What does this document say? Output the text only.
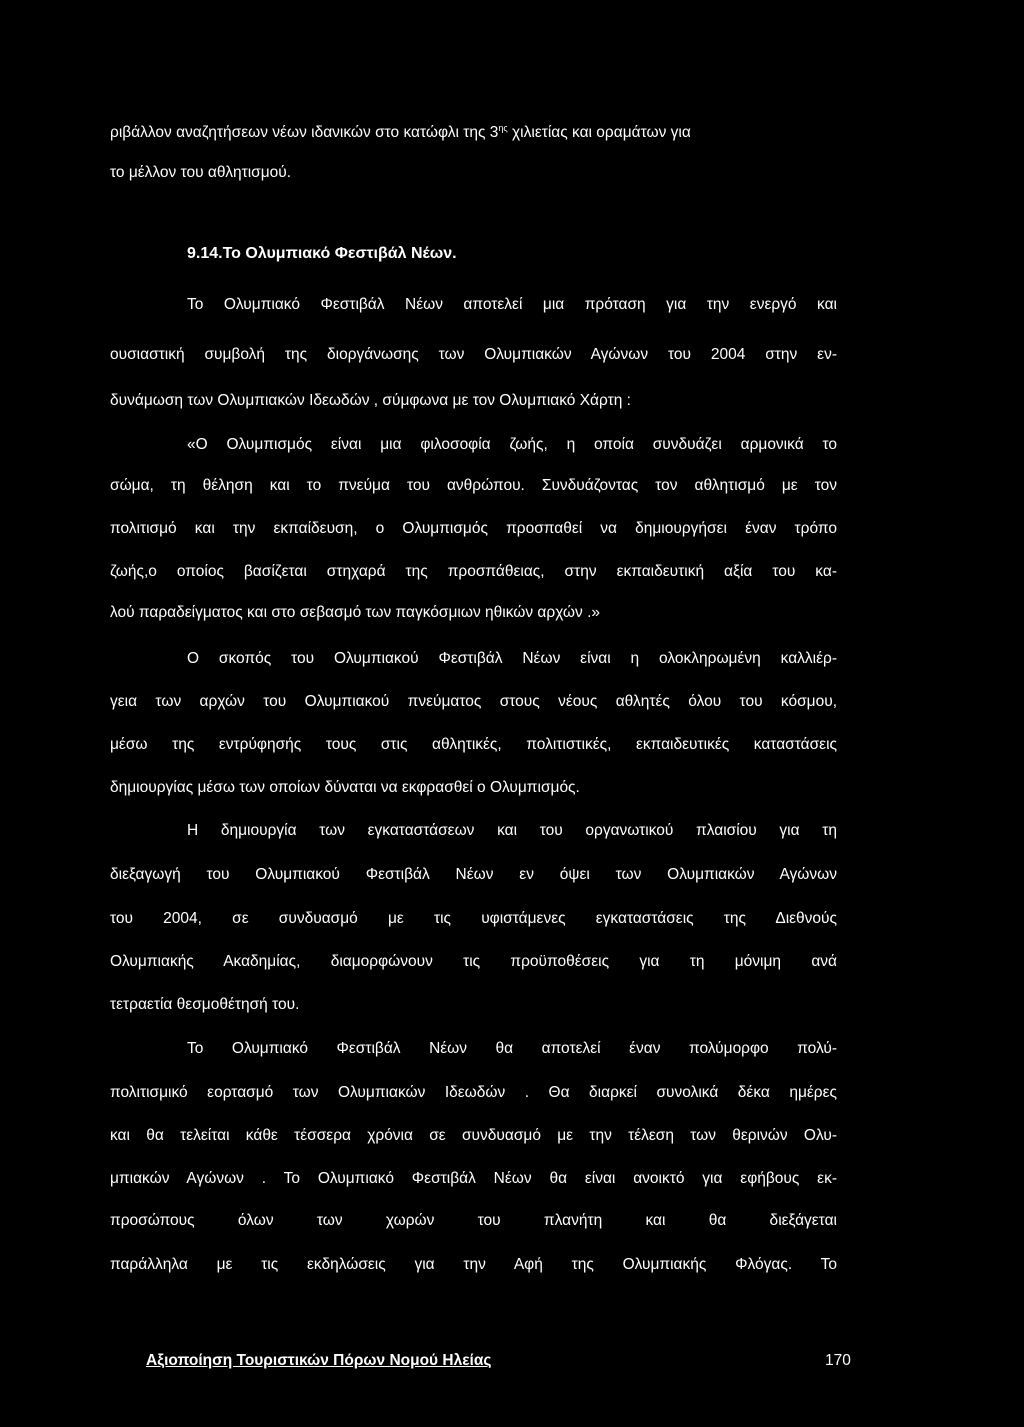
ριβάλλον αναζητήσεων νέων ιδανικών στο κατώφλι της $3^{\eta\varsigma}$ χιλιετίας και οραμάτων για
το μέλλον του αθλητισμού.
9.14.Το Ολυμπιακό Φεστιβάλ Νέων.
Το Ολυμπιακό Φεστιβάλ Νέων αποτελεί μια πρόταση για την ενεργό και
ουσιαστική συμβολή της διοργάνωσης των Ολυμπιακών Αγώνων του 2004 στην εν-
δυνάμωση των Ολυμπιακών Ιδεωδών , σύμφωνα με τον Ολυμπιακό Χάρτη :
«Ο Ολυμπισμός είναι μια φιλοσοφία ζωής, η οποία συνδυάζει αρμονικά το
σώμα, τη θέληση και το πνεύμα του ανθρώπου. Συνδυάζοντας τον αθλητισμό με τον
πολιτισμό και την εκπαίδευση, ο Ολυμπισμός προσπαθεί να δημιουργήσει έναν τρόπο
ζωής,ο οποίος βασίζεται στηχαρά της προσπάθειας, στην εκπαιδευτική αξία του κα-
λού παραδείγματος και στο σεβασμό των παγκόσμιων ηθικών αρχών .»
Ο σκοπός του Ολυμπιακού Φεστιβάλ Νέων είναι η ολοκληρωμένη καλλιέρ-
γεια των αρχών του Ολυμπιακού πνεύματος στους νέους αθλητές όλου του κόσμου,
μέσω της εντρύφησής τους στις αθλητικές, πολιτιστικές, εκπαιδευτικές καταστάσεις
δημιουργίας μέσω των οποίων δύναται να εκφρασθεί ο Ολυμπισμός.
Η δημιουργία των εγκαταστάσεων και του οργανωτικού πλαισίου για τη
διεξαγωγή του Ολυμπιακού Φεστιβάλ Νέων εν όψει των Ολυμπιακών Αγώνων
του 2004, σε συνδυασμό με τις υφιστάμενες εγκαταστάσεις της Διεθνούς
Ολυμπιακής Ακαδημίας, διαμορφώνουν τις προϋποθέσεις για τη μόνιμη ανά
τετραετία θεσμοθέτησή του.
Το Ολυμπιακό Φεστιβάλ Νέων θα αποτελεί έναν πολύμορφο πολύ-
πολιτισμικό εορτασμό των Ολυμπιακών Ιδεωδών . Θα διαρκεί συνολικά δέκα ημέρες
και θα τελείται κάθε τέσσερα χρόνια σε συνδυασμό με την τέλεση των θερινών Ολυ-
μπιακών Αγώνων . Το Ολυμπιακό Φεστιβάλ Νέων θα είναι ανοικτό για εφήβους εκ-
προσώπους όλων των χωρών του πλανήτη και θα διεξάγεται
παράλληλα με τις εκδηλώσεις για την Αφή της Ολυμπιακής Φλόγας. Το
Αξιοποίηση Τουριστικών Πόρων Νομού Ηλείας	170
